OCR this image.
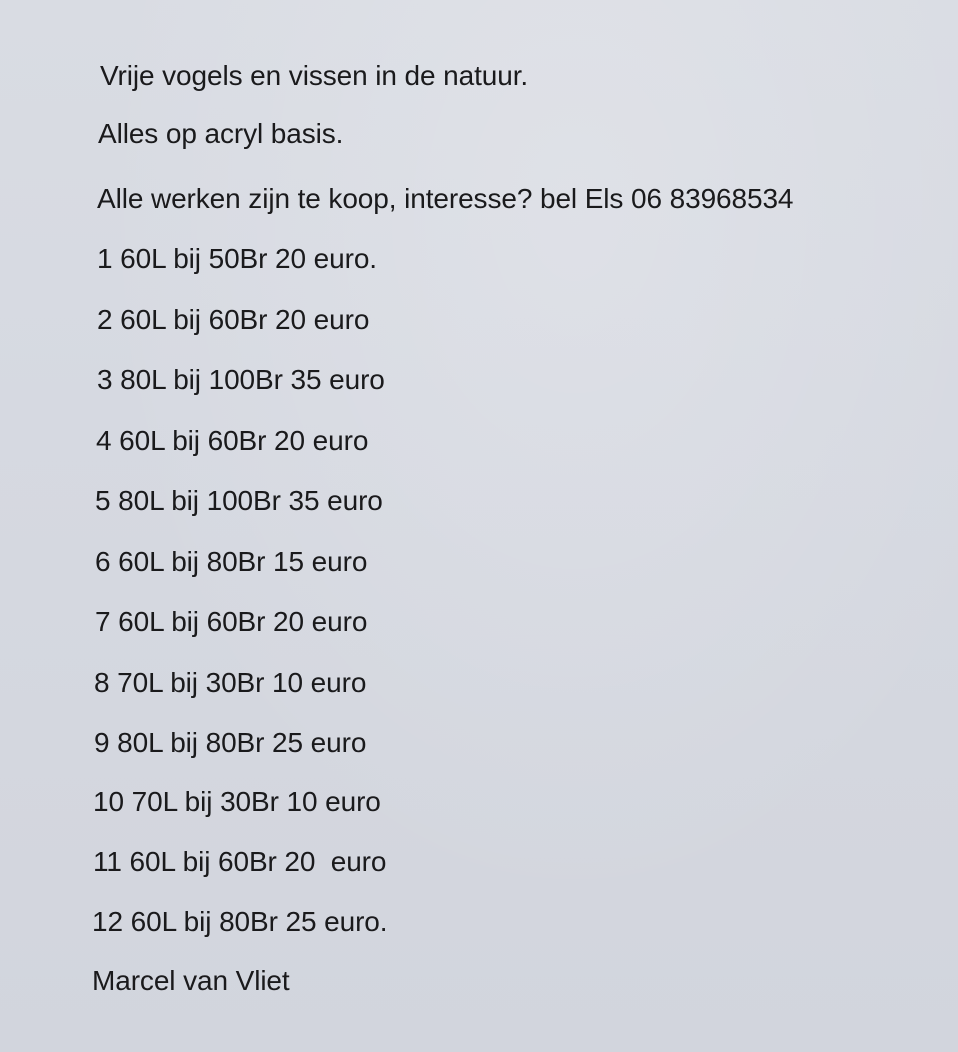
Vrije vogels en vissen in de natuur.

Alles op acryl basis.

Alle werken zijn te koop, interesse? bel Els 06 83968534

1 60L bij 50Br 20 euro.

2 60L bij 60Br 20 euro

3 80L bij 100Br 35 euro

4 60L bij 60Br 20 euro

5 80L bij 100Br 35 euro

6 60L bij 80Br 15 euro

7 60L bij 60Br 20 euro

8 70L bij 30Br 10 euro

9 80L bij 80Br 25 euro

10 70L bij 30Br 10 euro

11 60L bij 60Br 20  euro

12 60L bij 80Br 25 euro.

Marcel van Vliet
